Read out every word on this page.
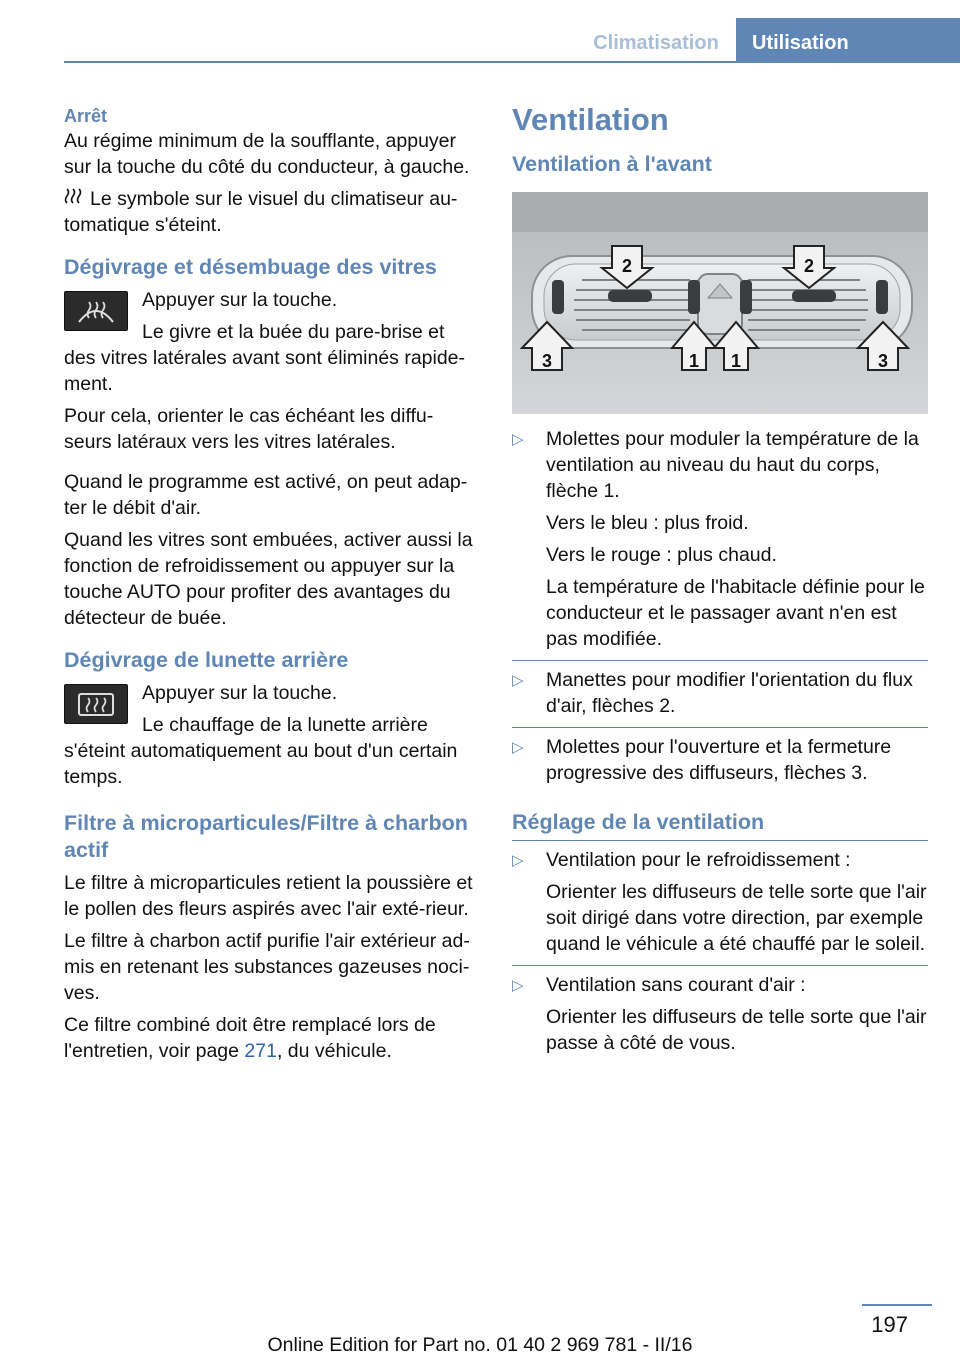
Climatisation	Utilisation
Arrêt

Au régime minimum de la soufflante, appuyer sur la touche du côté du conducteur, à gauche.

Le symbole sur le visuel du climatiseur au-tomatique s'éteint.

Dégivrage et désembuage des vitres

Appuyer sur la touche.

Le givre et la buée du pare-brise et des vitres latérales avant sont éliminés rapide-ment.

Pour cela, orienter le cas échéant les diffu-seurs latéraux vers les vitres latérales.

Quand le programme est activé, on peut adap-ter le débit d'air.

Quand les vitres sont embuées, activer aussi la fonction de refroidissement ou appuyer sur la touche AUTO pour profiter des avantages du détecteur de buée.

Dégivrage de lunette arrière

Appuyer sur la touche.

Le chauffage de la lunette arrière s'éteint automatiquement au bout d'un certain temps.

Filtre à microparticules/Filtre à charbon actif

Le filtre à microparticules retient la poussière et le pollen des fleurs aspirés avec l'air exté-rieur.

Le filtre à charbon actif purifie l'air extérieur ad-mis en retenant les substances gazeuses noci-ves.

Ce filtre combiné doit être remplacé lors de l'entretien, voir page 271, du véhicule.

Ventilation
Ventilation à l'avant
2	2
3	1 1	3
▷ Molettes pour moduler la température de la ventilation au niveau du haut du corps, flèche 1.

Vers le bleu : plus froid.

Vers le rouge : plus chaud.

La température de l'habitacle définie pour le conducteur et le passager avant n'en est pas modifiée.

▷ Manettes pour modifier l'orientation du flux d'air, flèches 2.

▷ Molettes pour l'ouverture et la fermeture progressive des diffuseurs, flèches 3.

Réglage de la ventilation
▷ Ventilation pour le refroidissement :

Orienter les diffuseurs de telle sorte que l'air soit dirigé dans votre direction, par exemple quand le véhicule a été chauffé par le soleil.

▷ Ventilation sans courant d'air :

Orienter les diffuseurs de telle sorte que l'air passe à côté de vous.

197
Online Edition for Part no. 01 40 2 969 781 - II/16
